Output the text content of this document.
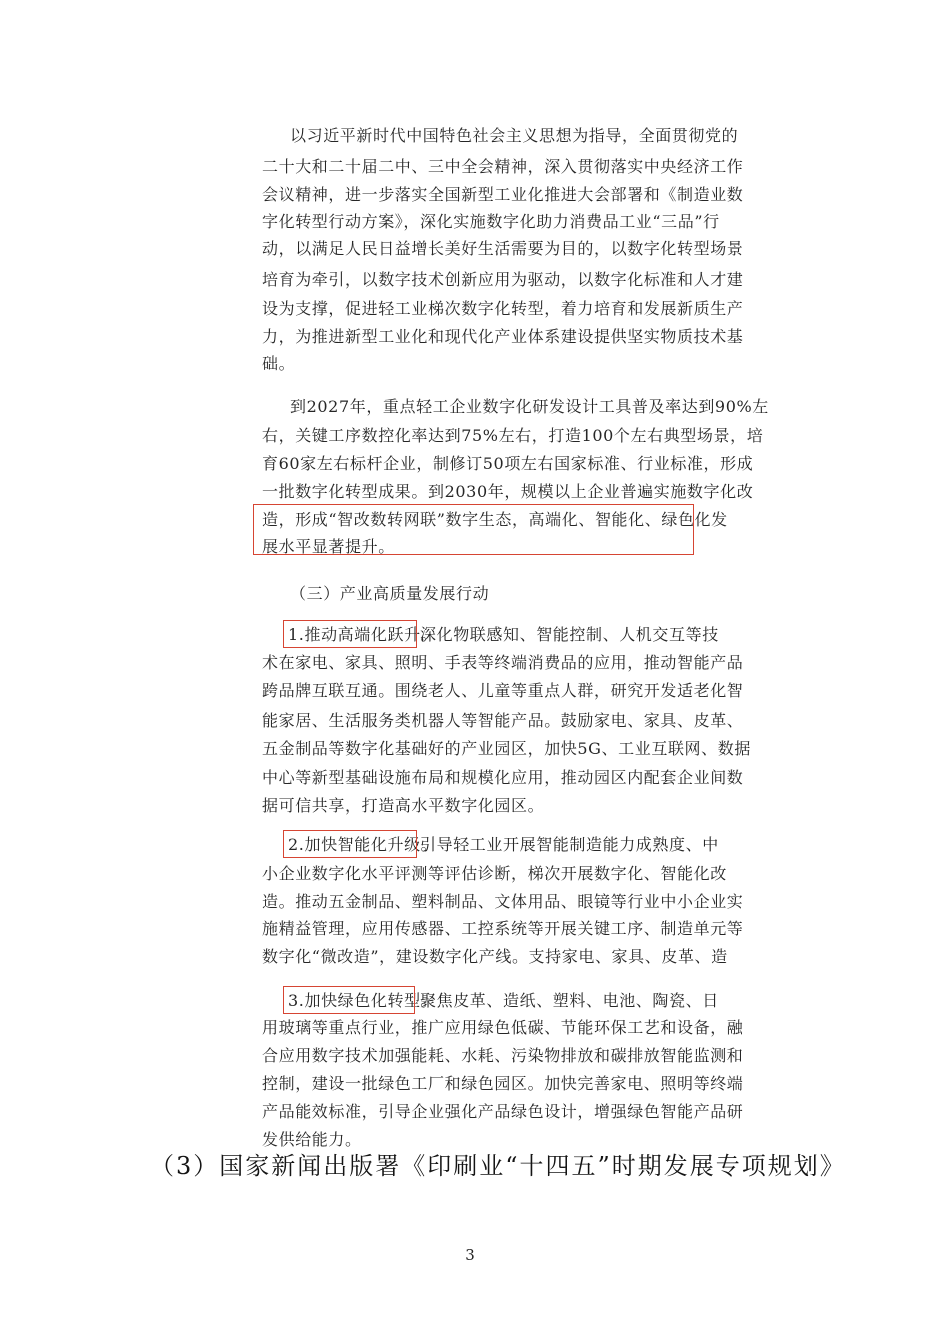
以习近平新时代中国特色社会主义思想为指导，全面贯彻党的
二十大和二十届二中、三中全会精神，深入贯彻落实中央经济工作
会议精神，进一步落实全国新型工业化推进大会部署和《制造业数
字化转型行动方案》，深化实施数字化助力消费品工业“三品”行
动，以满足人民日益增长美好生活需要为目的，以数字化转型场景
培育为牵引，以数字技术创新应用为驱动，以数字化标准和人才建
设为支撑，促进轻工业梯次数字化转型，着力培育和发展新质生产
力，为推进新型工业化和现代化产业体系建设提供坚实物质技术基
础。
到2027年，重点轻工企业数字化研发设计工具普及率达到90%左
右，关键工序数控化率达到75%左右，打造100个左右典型场景，培
育60家左右标杆企业，制修订50项左右国家标准、行业标准，形成
一批数字化转型成果。到2030年，规模以上企业普遍实施数字化改
造，形成“智改数转网联”数字生态，高端化、智能化、绿色化发
展水平显著提升。
（三）产业高质量发展行动
1.推动高端化跃升。
深化物联感知、智能控制、人机交互等技
术在家电、家具、照明、手表等终端消费品的应用，推动智能产品
跨品牌互联互通。围绕老人、儿童等重点人群，研究开发适老化智
能家居、生活服务类机器人等智能产品。鼓励家电、家具、皮革、
五金制品等数字化基础好的产业园区，加快5G、工业互联网、数据
中心等新型基础设施布局和规模化应用，推动园区内配套企业间数
据可信共享，打造高水平数字化园区。
2.加快智能化升级。
引导轻工业开展智能制造能力成熟度、中
小企业数字化水平评测等评估诊断，梯次开展数字化、智能化改
造。推动五金制品、塑料制品、文体用品、眼镜等行业中小企业实
施精益管理，应用传感器、工控系统等开展关键工序、制造单元等
数字化“微改造”，建设数字化产线。支持家电、家具、皮革、造
3.加快绿色化转型。
聚焦皮革、造纸、塑料、电池、陶瓷、日
用玻璃等重点行业，推广应用绿色低碳、节能环保工艺和设备，融
合应用数字技术加强能耗、水耗、污染物排放和碳排放智能监测和
控制，建设一批绿色工厂和绿色园区。加快完善家电、照明等终端
产品能效标准，引导企业强化产品绿色设计，增强绿色智能产品研
发供给能力。
（3）国家新闻出版署《印刷业“十四五”时期发展专项规划》
3
